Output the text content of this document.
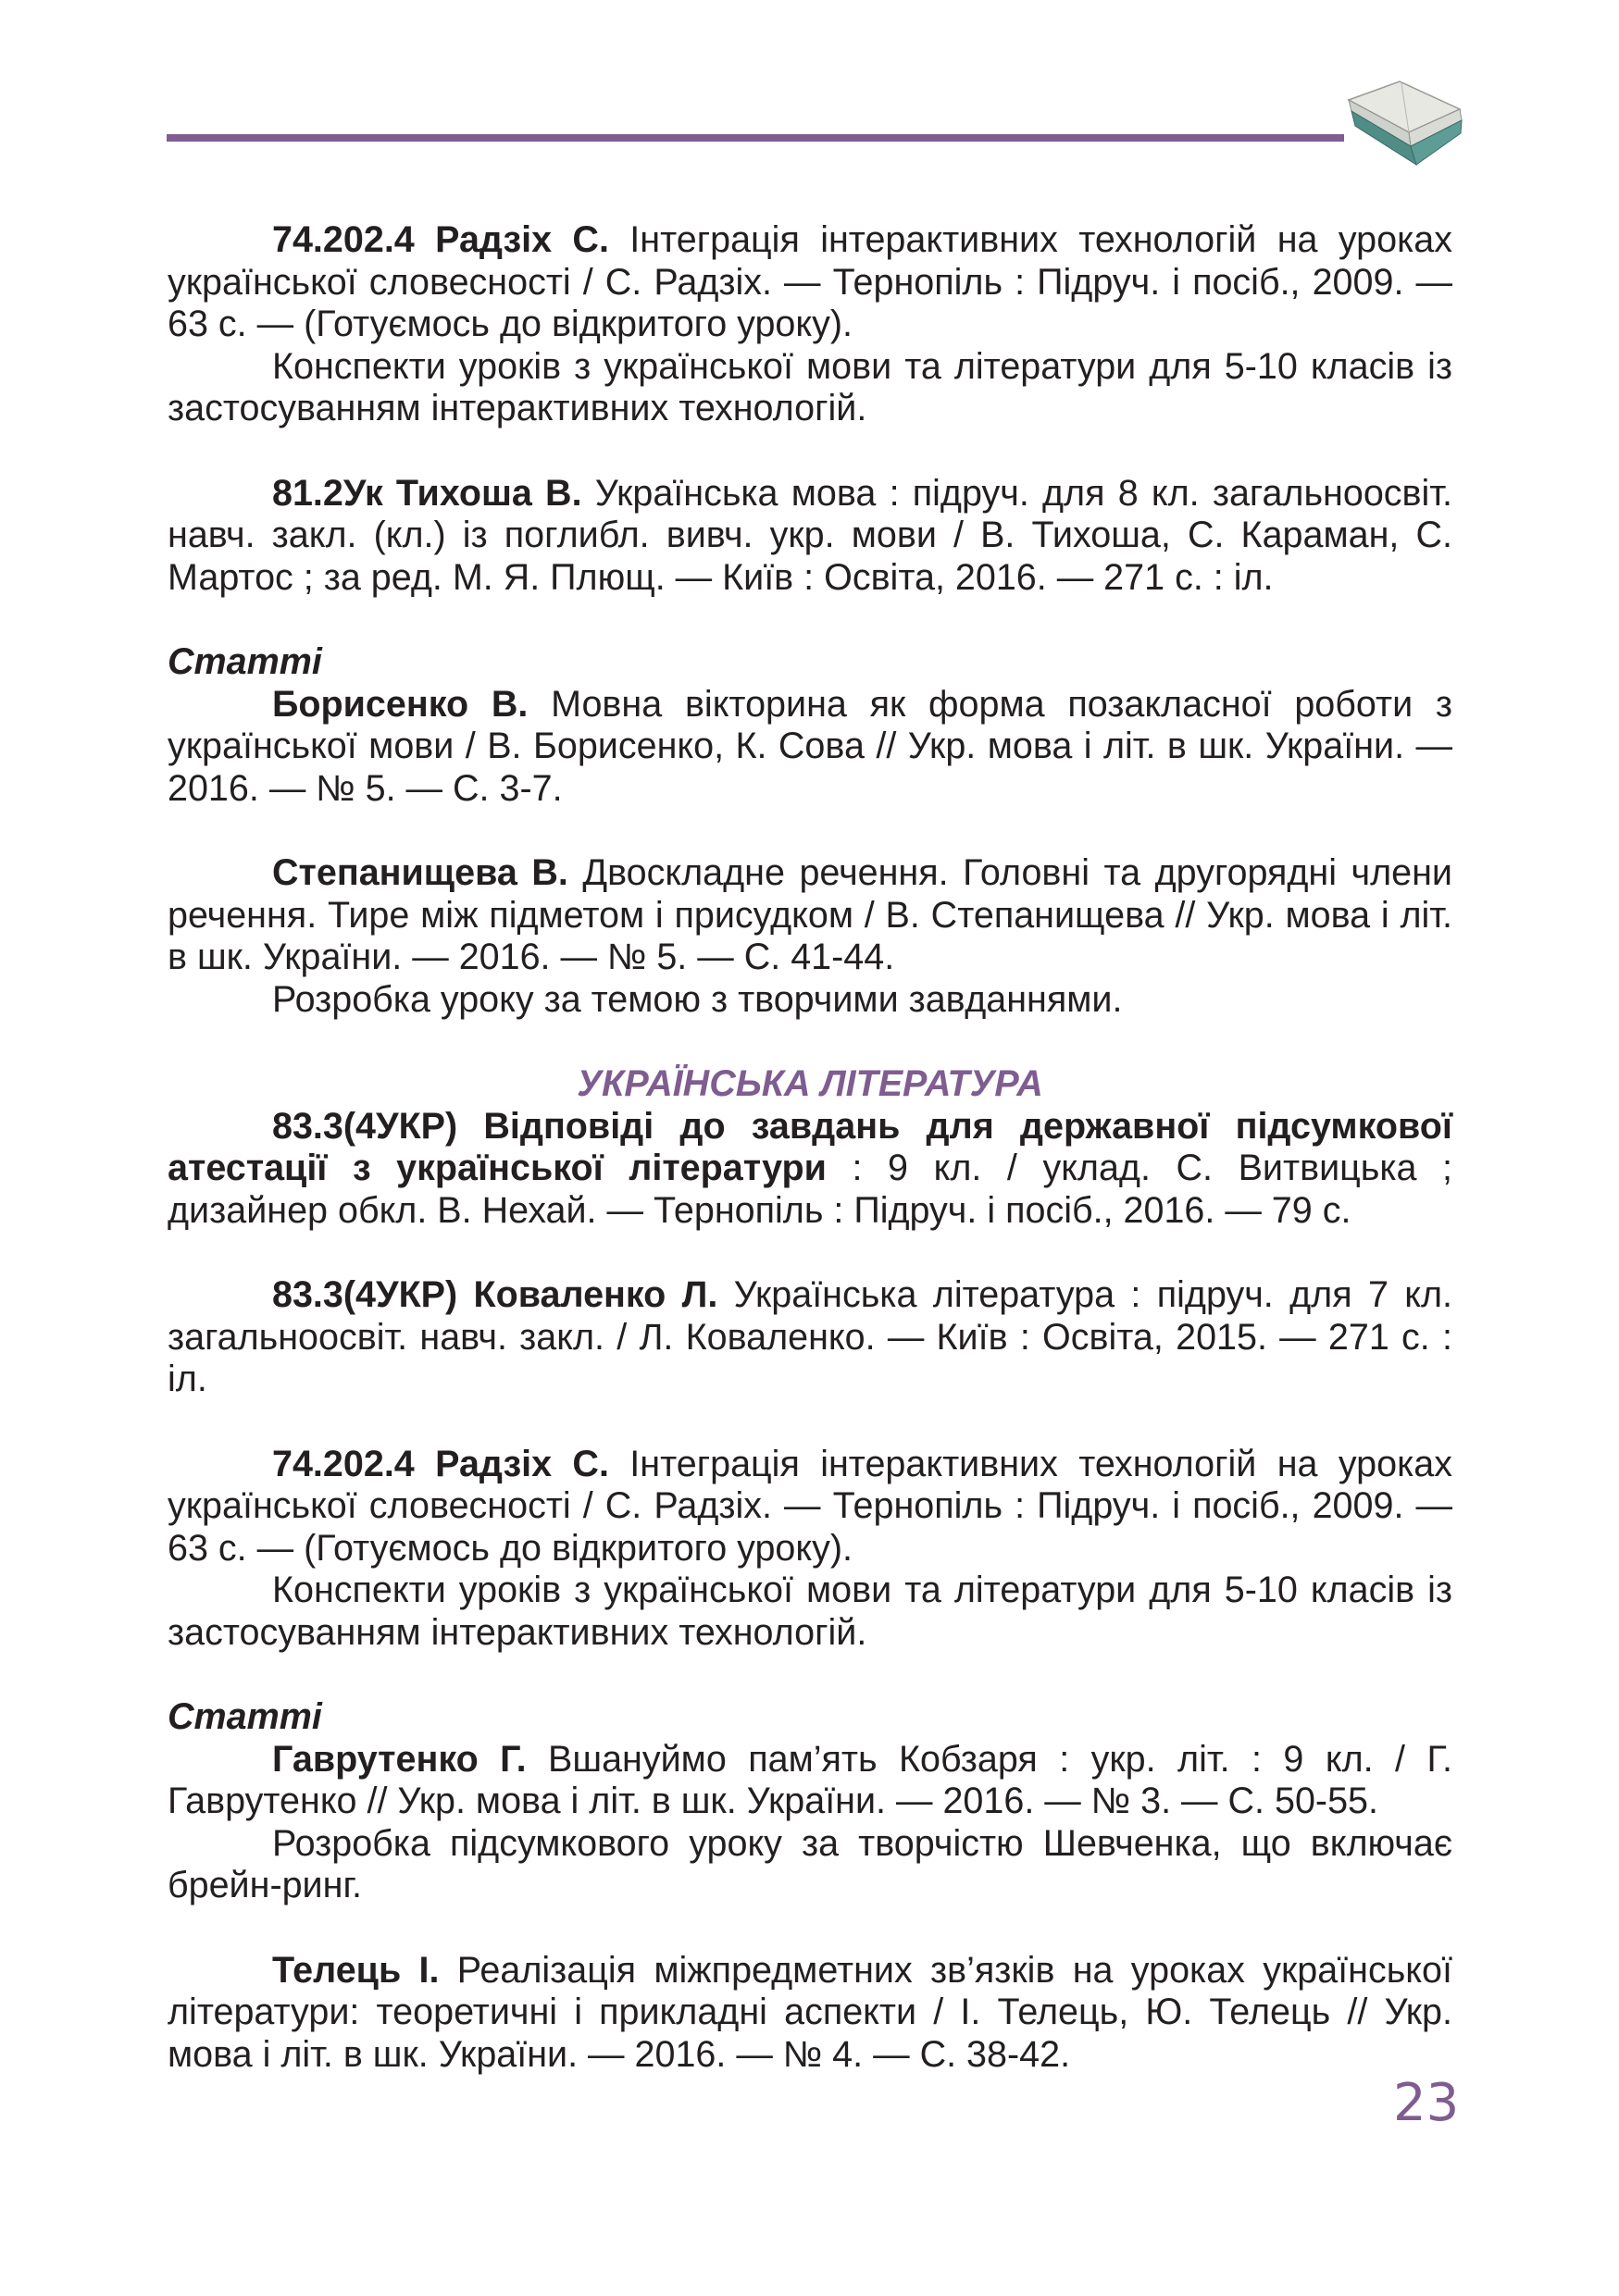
74.202.4 Радзіх С. Інтеграція інтерактивних технологій на уроках української словесності / С. Радзіх. — Тернопіль : Підруч. і посіб., 2009. — 63 с. — (Готуємось до відкритого уроку).

Конспекти уроків з української мови та літератури для 5-10 класів із застосуванням інтерактивних технологій.

81.2Ук Тихоша В. Українська мова : підруч. для 8 кл. загальноосвіт. навч. закл. (кл.) із поглибл. вивч. укр. мови / В. Тихоша, С. Караман, С. Мартос ; за ред. М. Я. Плющ. — Київ : Освіта, 2016. — 271 с. : іл.

Статті

Борисенко В. Мовна вікторина як форма позакласної роботи з української мови / В. Борисенко, К. Сова // Укр. мова і літ. в шк. України. — 2016. — № 5. — С. 3-7.

Степанищева В. Двоскладне речення. Головні та другорядні члени речення. Тире між підметом і присудком / В. Степанищева // Укр. мова і літ. в шк. України. — 2016. — № 5. — С. 41-44.

Розробка уроку за темою з творчими завданнями.

УКРАЇНСЬКА ЛІТЕРАТУРА

83.3(4УКР) Відповіді до завдань для державної підсумкової атестації з української літератури : 9 кл. / уклад. С. Витвицька ; дизайнер обкл. В. Нехай. — Тернопіль : Підруч. і посіб., 2016. — 79 с.

83.3(4УКР) Коваленко Л. Українська література : підруч. для 7 кл. загальноосвіт. навч. закл. / Л. Коваленко. — Київ : Освіта, 2015. — 271 с. : іл.

74.202.4 Радзіх С. Інтеграція інтерактивних технологій на уроках української словесності / С. Радзіх. — Тернопіль : Підруч. і посіб., 2009. — 63 с. — (Готуємось до відкритого уроку).

Конспекти уроків з української мови та літератури для 5-10 класів із застосуванням інтерактивних технологій.

Статті

Гаврутенко Г. Вшануймо пам’ять Кобзаря : укр. літ. : 9 кл. / Г. Гаврутенко // Укр. мова і літ. в шк. України. — 2016. — № 3. — С. 50-55.

Розробка підсумкового уроку за творчістю Шевченка, що включає брейн-ринг.

Телець І. Реалізація міжпредметних зв’язків на уроках української літератури: теоретичні і прикладні аспекти / І. Телець, Ю. Телець // Укр. мова і літ. в шк. України. — 2016. — № 4. — С. 38-42.

23
